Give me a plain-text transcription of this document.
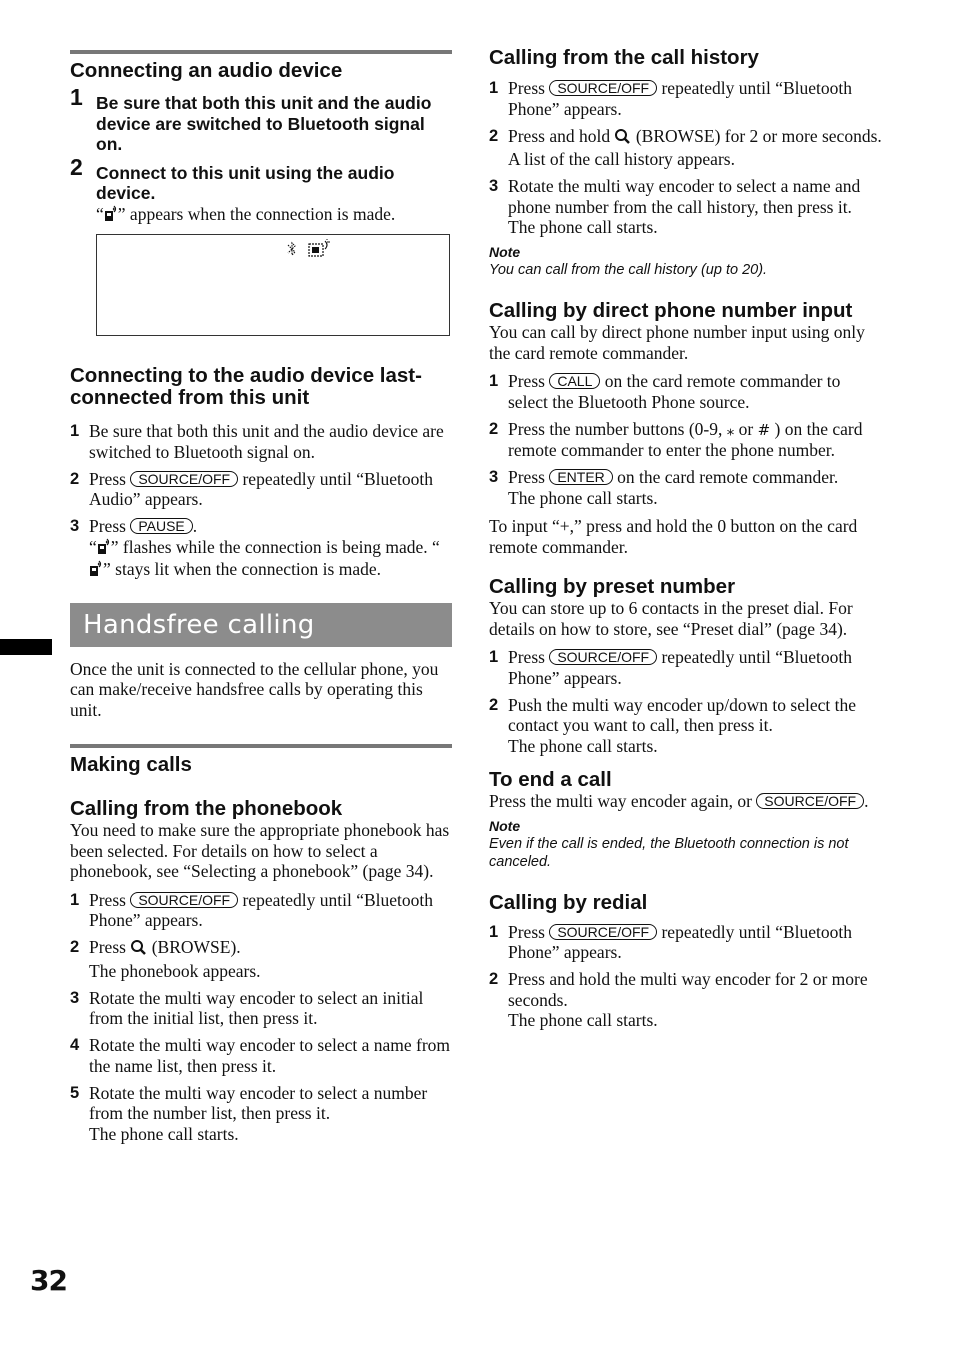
Connecting an audio device
1 Be sure that both this unit and the audio device are switched to Bluetooth signal on.
2 Connect to this unit using the audio device.
“ ” appears when the connection is made.
Connecting to the audio device last-connected from this unit
1 Be sure that both this unit and the audio device are switched to Bluetooth signal on.
2 Press SOURCE/OFF repeatedly until “Bluetooth Audio” appears.
3 Press PAUSE .
“ ” flashes while the connection is being made. “” stays lit when the connection is made.
Handsfree calling
Once the unit is connected to the cellular phone, you can make/receive handsfree calls by operating this unit.
Making calls
Calling from the phonebook
You need to make sure the appropriate phonebook has been selected. For details on how to select a phonebook, see “Selecting a phonebook” (page 34).
1 Press SOURCE/OFF repeatedly until “Bluetooth Phone” appears.
2 Press (BROWSE).
The phonebook appears.
3 Rotate the multi way encoder to select an initial from the initial list, then press it.
4 Rotate the multi way encoder to select a name from the name list, then press it.
5 Rotate the multi way encoder to select a number from the number list, then press it.
The phone call starts.
Calling from the call history
1 Press SOURCE/OFF repeatedly until “Bluetooth Phone” appears.
2 Press and hold (BROWSE) for 2 or more seconds.
A list of the call history appears.
3 Rotate the multi way encoder to select a name and phone number from the call history, then press it.
The phone call starts.
Note
You can call from the call history (up to 20).
Calling by direct phone number input
You can call by direct phone number input using only the card remote commander.
1 Press CALL on the card remote commander to select the Bluetooth Phone source.
2 Press the number buttons (0-9, ⁎ or # ) on the card remote commander to enter the phone number.
3 Press ENTER on the card remote commander.
The phone call starts.
To input “+,” press and hold the 0 button on the card remote commander.
Calling by preset number
You can store up to 6 contacts in the preset dial. For details on how to store, see “Preset dial” (page 34).
1 Press SOURCE/OFF repeatedly until “Bluetooth Phone” appears.
2 Push the multi way encoder up/down to select the contact you want to call, then press it.
The phone call starts.
To end a call
Press the multi way encoder again, or SOURCE/OFF .
Note
Even if the call is ended, the Bluetooth connection is not canceled.
Calling by redial
1 Press SOURCE/OFF repeatedly until “Bluetooth Phone” appears.
2 Press and hold the multi way encoder for 2 or more seconds.
The phone call starts.
32
